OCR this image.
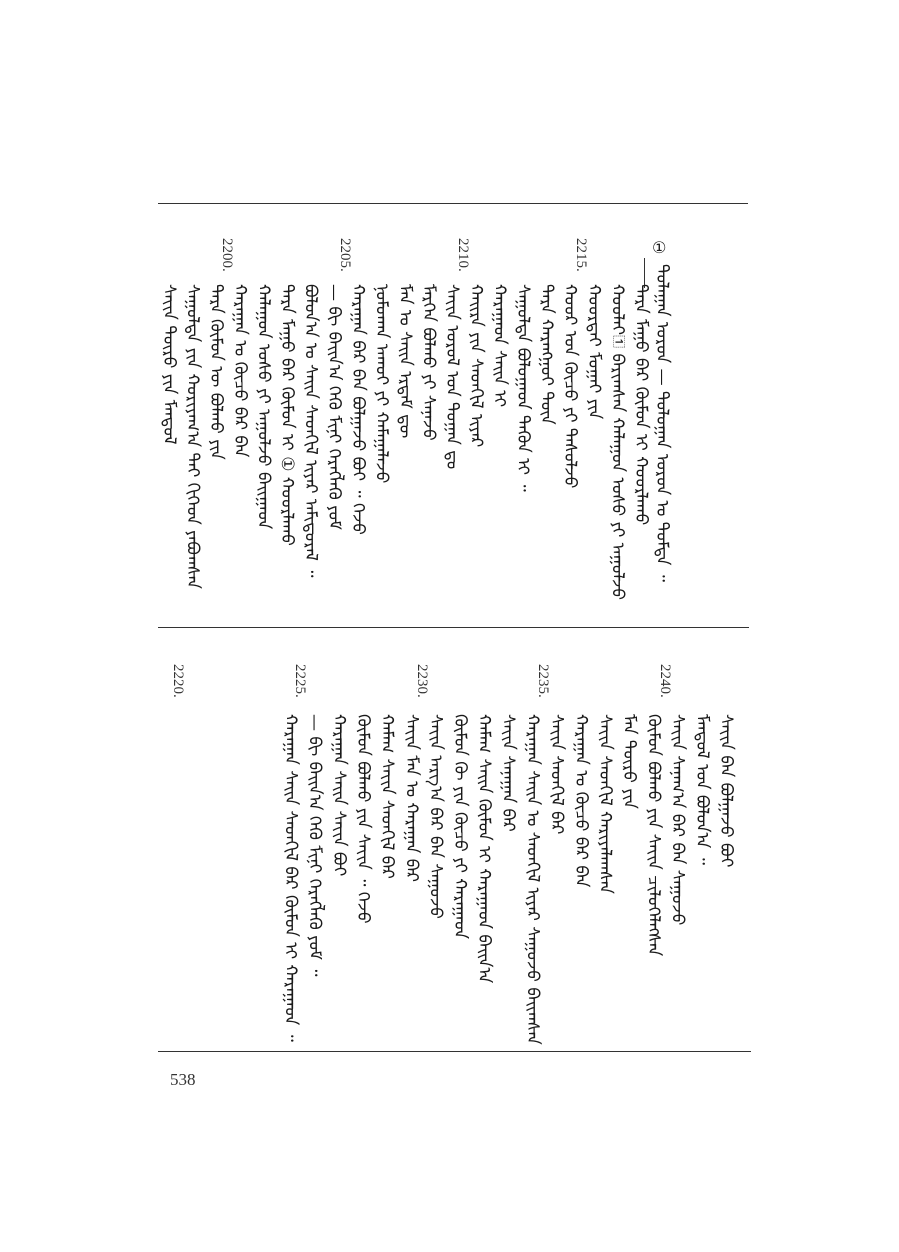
①
ᠳᠤᠯᠠᠭᠠᠨ ᠣᠷᠤᠨ — ᠳᠣᠯᠣᠭᠠᠨ ᠣᠷᠤᠨ ᠤ ᠳᠤᠮᠳᠠ ᠃
ᠲᠡᠷᠡ ᠮᠠᠭᠤ ᠪᠡᠷ ᠬᠦᠮᠦᠨ ᠢ ᠬᠣᠣᠷᠯᠠᠬᠤ
ᠬᠣᠣᠯᠠᠶ᠋ ᠪᠠᠷᠢᠭᠰᠠᠨ ᠬᠠᠯᠠᠭᠤᠨ ᠤᠰᠤ ᠶᠢ ᠠᠭᠤᠯᠵᠤ
ᠬᠣᠣᠷᠲᠠᠢ ᠮᠣᠭᠠᠢ ᠶᠢᠨ
ᠬᠣᠣᠷ ᠤᠨ ᠬᠦᠴᠦ ᠶᠢ ᠲᠠᠰᠤᠯᠵᠤ
ᠲᠡᠷᠡ ᠬᠠᠷᠠᠩᠭᠤᠢ ᠲᠦᠨ
ᠰᠠᠭᠤᠯᠲᠠ ᠪᠣᠯᠤᠭᠠᠳ ᠲᠡᠭᠦᠨ ᠢ ᠃
ᠬᠠᠷᠠᠭᠠᠳ ᠰᠠᠢᠨ ᠢ
ᠬᠠᠢᠷᠠ ᠶᠢᠨ ᠰᠡᠳᠬᠢᠯ ᠢᠶᠡᠷ
ᠰᠠᠶ᠋ᠢᠨ ᠤᠷᠤᠯ ᠤᠨ ᠲᠣᠭᠠᠨ ᠳᠤ
ᠮᠡᠷᠭᠡᠨ ᠪᠣᠯᠬᠤ ᠶᠢ ᠰᠠᠨᠠᠵᠤ
ᠮᠠᠨ ᠤ ᠰᠠᠢᠨ ᠡᠷᠳᠡᠮ ᠳᠦ
ᠨᠣᠮᠣᠬᠠᠨ ᠠᠬᠤᠢ ᠶᠢ ᠬᠠᠮᠠᠭᠠᠯᠠᠵᠤ
ᠬᠠᠷᠠᠭᠠᠨ ᠪᠠᠷ ᠪᠠᠨ ᠪᠣᠯᠭᠠᠵᠤ ᠪᠣᠢ ᠃ ᠭᠡᠵᠦ
— ᠪᠢ ᠪᠠᠢᠨ᠎ᠠ ᠭᠡᠬᠦ ᠮᠢᠨᠢ ᠬᠡᠷᠡᠭᠯᠡᠬᠦ ᠶᠤᠮ
ᠪᠣᠯᠤᠨ᠎ᠠ ᠤ ᠰᠠᠢᠨ ᠰᠡᠳᠬᠢᠯ ᠢᠶᠡᠷ ᠠᠮᠢᠳᠤᠷᠠᠯ ᠃
ᠲᠡᠷᠡ ᠮᠠᠭᠤ ᠪᠡᠷ ᠬᠦᠮᠦᠨ ᠢ ① ᠬᠣᠣᠷᠯᠠᠬᠤ
ᠬᠠᠯᠠᠭᠤᠨ ᠤᠰᠤ ᠶᠢ ᠠᠭᠤᠯᠵᠤ ᠪᠠᠢᠭᠠᠳ
ᠬᠠᠷᠠᠭᠠᠨ ᠤ ᠬᠦᠴᠦ ᠪᠠᠷ ᠪᠠᠨ
ᠲᠡᠷᠡ ᠬᠦᠮᠦᠨ ᠦ ᠪᠣᠯᠬᠤ ᠶᠢᠨ
ᠰᠠᠭᠤᠯᠲᠠ ᠶᠢᠨ ᠬᠤᠷᠢᠶᠠᠭ᠎ᠠ ᠲᠠᠢ ᠬᠢᠭᠡᠳ ᠶᠠᠪᠤᠭᠰᠠᠨ
ᠰᠠᠶ᠋ᠢᠨ ᠲᠦᠷᠦ ᠶᠢᠨ ᠮᠠᠨᠳᠤᠯ
ᠰᠠᠶ᠋ᠢᠨ ᠪᠡᠨ ᠪᠣᠯᠭᠠᠵᠤ ᠪᠣᠢ
ᠮᠠᠨᠳᠤᠯ ᠤᠨ ᠪᠣᠯᠤᠨ᠎ᠠ ᠃
ᠰᠠᠶ᠋ᠢᠨ ᠰᠠᠨᠠᠭ᠎ᠠ ᠪᠠᠷ ᠪᠠᠨ ᠰᠠᠭᠤᠵᠤ
ᠬᠦᠮᠦᠨ ᠪᠣᠯᠬᠤ ᠶᠢᠨ ᠰᠠᠶ᠋ᠢᠨ ᠴᠢᠯᠦᠭᠡᠯᠡᠭᠰᠡᠨ
ᠮᠠᠨ ᠲᠦᠷᠦ ᠶᠢᠨ
ᠰᠠᠶ᠋ᠢᠨ ᠰᠡᠳᠬᠢᠯ ᠬᠠᠷᠢᠶᠠᠯᠠᠭᠰᠠᠨ
ᠬᠠᠷᠠᠭᠠᠨ ᠤ ᠬᠦᠴᠦ ᠪᠠᠷ ᠪᠠᠨ
ᠰᠠᠶ᠋ᠢᠨ ᠰᠡᠳᠬᠢᠯ ᠪᠡᠷ
ᠬᠠᠷᠠᠭᠠᠨ ᠰᠠᠢᠨ ᠤ ᠰᠡᠳᠬᠢᠯ ᠢᠶᠡᠷ ᠰᠠᠭᠤᠵᠤ ᠪᠠᠢᠭᠰᠠᠨ
ᠰᠠᠶ᠋ᠢᠨ ᠰᠠᠨᠠᠭᠠᠨ ᠪᠠᠷ
ᠬᠠᠮᠠᠭ ᠰᠠᠢᠨ ᠬᠦᠮᠦᠨ ᠢ ᠬᠠᠷᠠᠭᠠᠳ ᠪᠠᠢᠨ᠎ᠠ
ᠬᠦᠮᠦᠨ ᠬᠦ ᠶᠢᠨ ᠬᠦᠴᠦ ᠶᠢ ᠬᠠᠷᠠᠭᠠᠳ
ᠰᠠᠶ᠋ᠢᠨ ᠠᠷᠭ᠎ᠠ ᠪᠠᠷ ᠪᠠᠨ ᠰᠠᠭᠤᠵᠤ
ᠰᠠᠶ᠋ᠢᠨ ᠮᠠᠨ ᠤ ᠬᠠᠷᠠᠭᠠᠨ ᠪᠠᠷ
ᠬᠠᠮᠠᠭ ᠰᠠᠶ᠋ᠢᠨ ᠰᠡᠳᠬᠢᠯ ᠪᠡᠷ
ᠬᠦᠮᠦᠨ ᠪᠣᠯᠬᠤ ᠶᠢᠨ ᠰᠠᠶ᠋ᠢᠨ ᠃ ᠭᠡᠵᠦ
ᠬᠠᠷᠠᠭᠠᠨ ᠰᠠᠢᠨ ᠰᠠᠶ᠋ᠢᠨ ᠪᠣᠢ
— ᠪᠢ ᠪᠠᠢᠨ᠎ᠠ ᠭᠡᠬᠦ ᠮᠢᠨᠢ ᠬᠡᠷᠡᠭᠯᠡᠬᠦ ᠶᠤᠮ ᠃
ᠬᠠᠷᠠᠭᠠᠨ ᠰᠠᠢᠨ ᠰᠡᠳᠬᠢᠯ ᠪᠡᠷ ᠬᠦᠮᠦᠨ ᠢ ᠬᠠᠷᠠᠭᠠᠳ ᠃
2215.
2210.
2205.
2200.
2240.
2235.
2230.
2225.
2220.
538
